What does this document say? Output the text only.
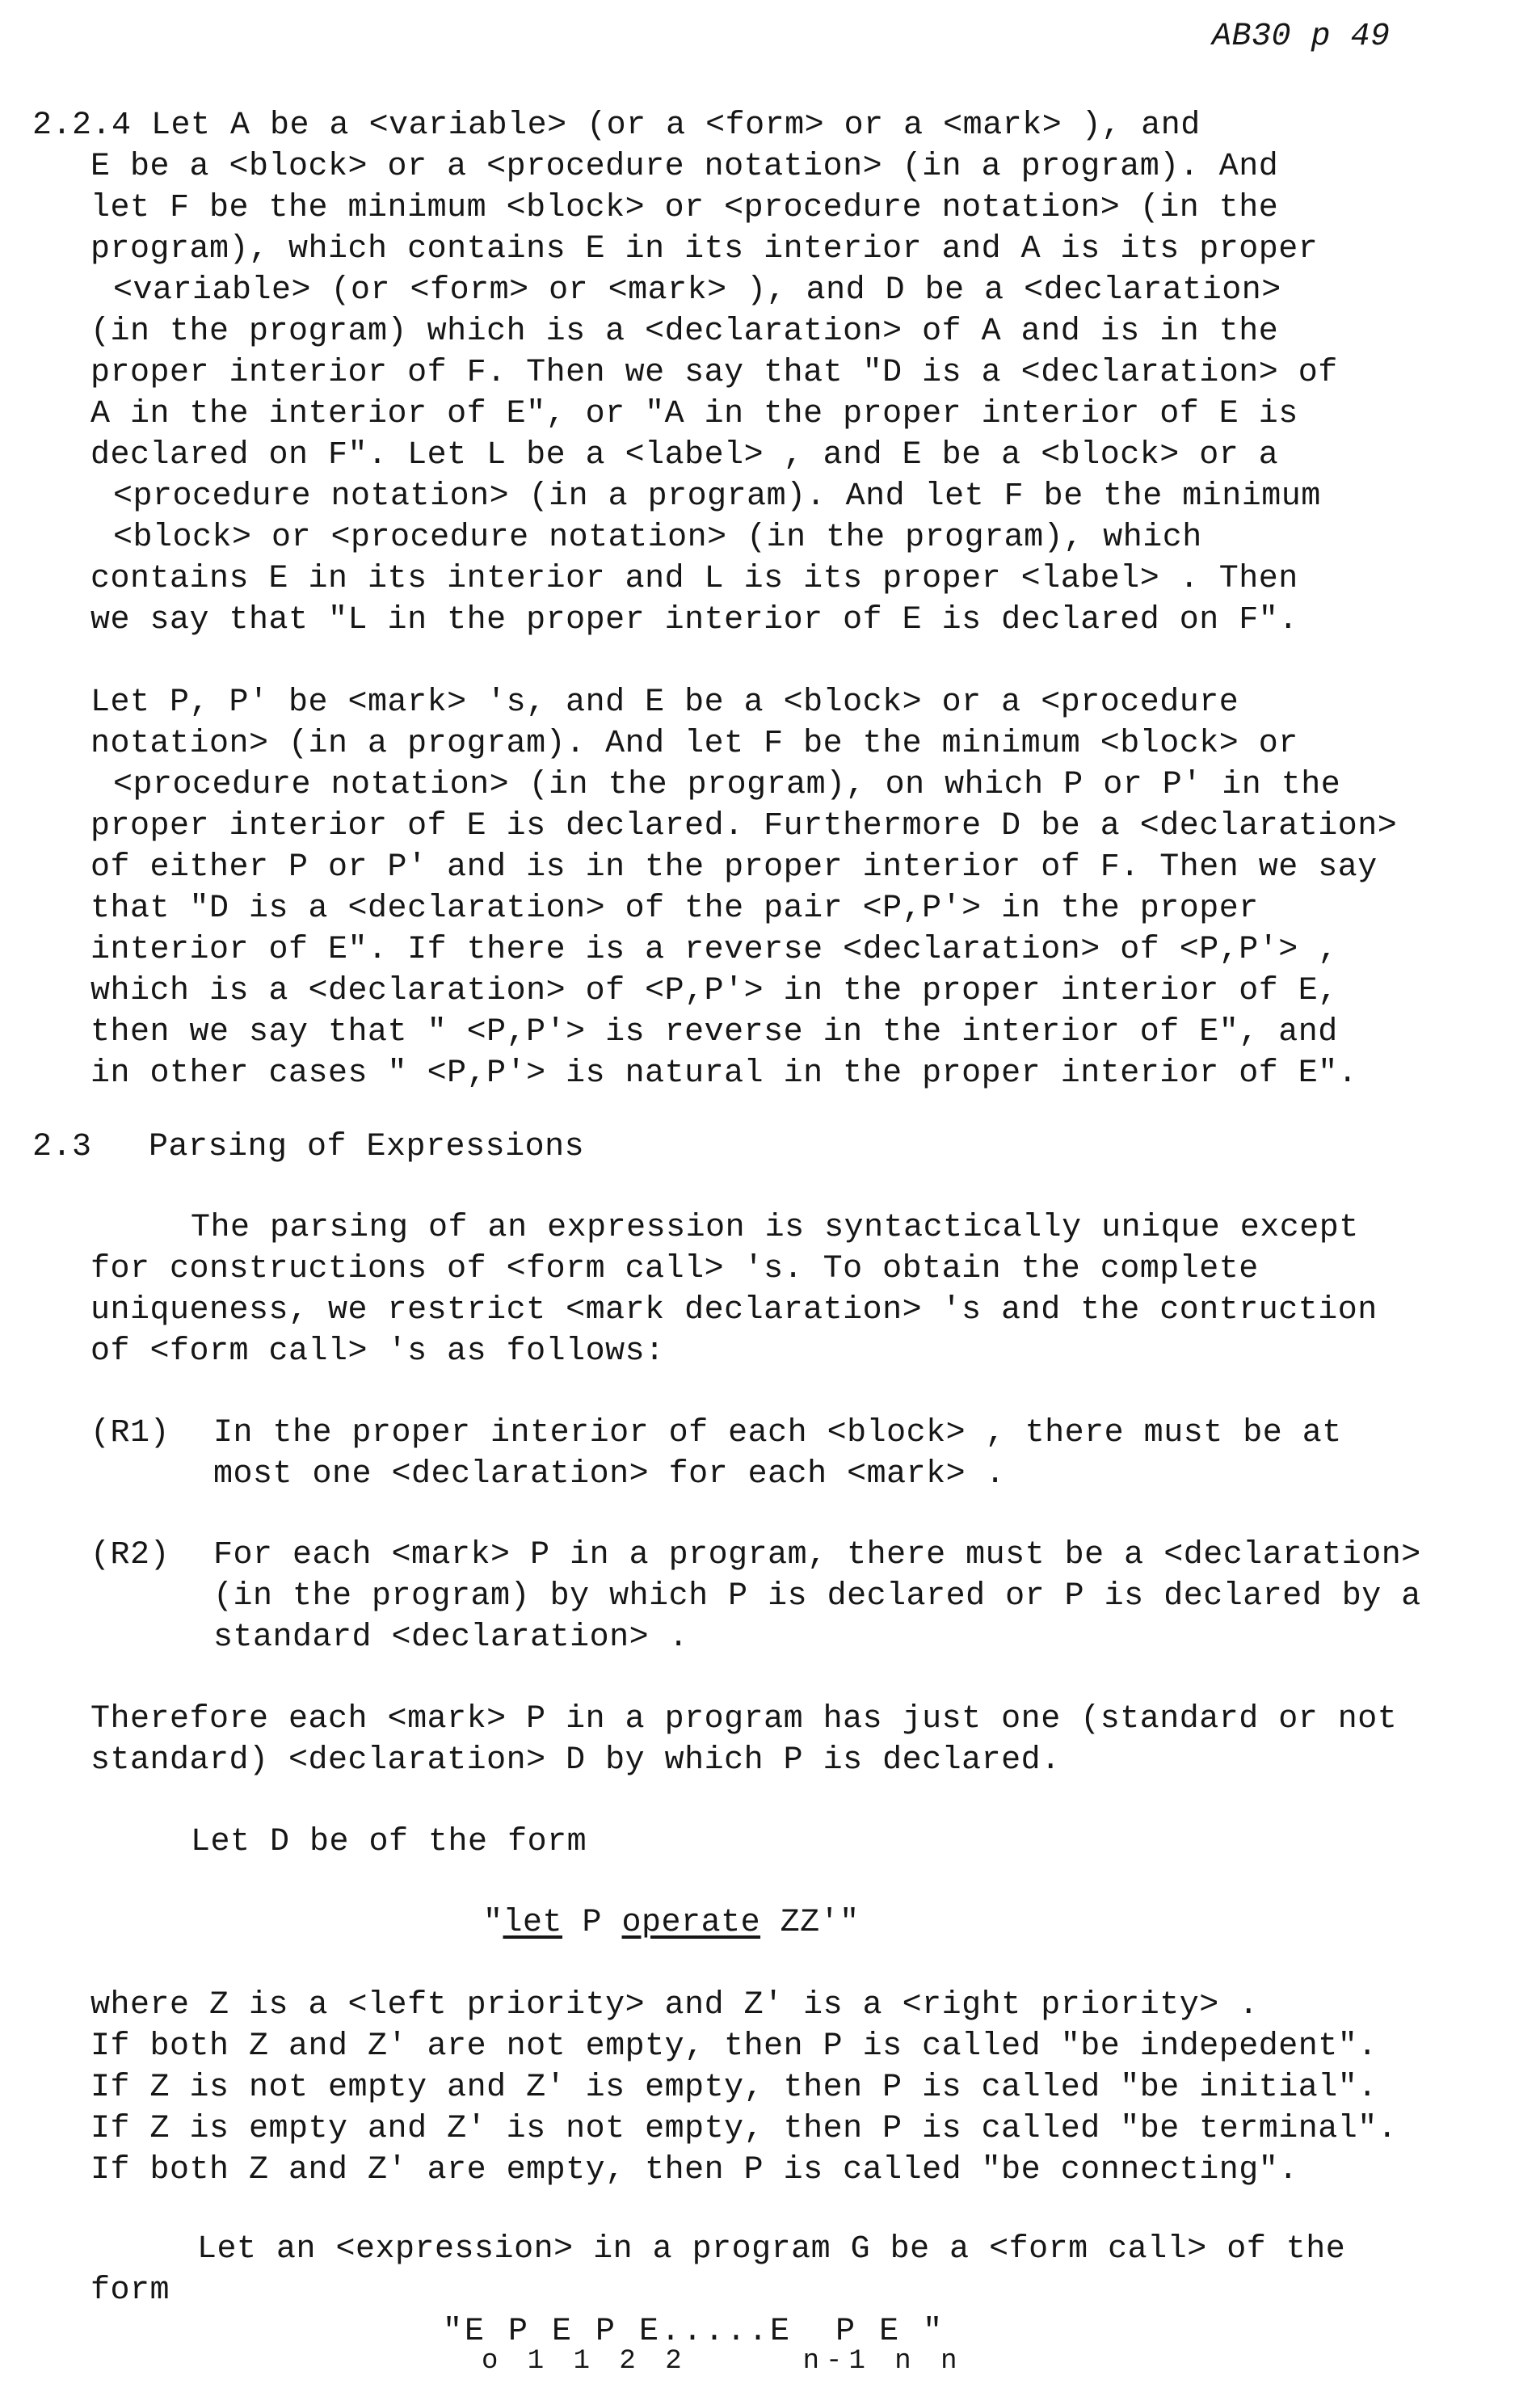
AB30 p 49
2.2.4 Let A be a <variable> (or a <form> or a <mark> ), and
E be a <block> or a <procedure notation> (in a program). And
let F be the minimum <block> or <procedure notation> (in the
program), which contains E in its interior and A is its proper
<variable> (or <form> or <mark> ), and D be a <declaration>
(in the program) which is a <declaration> of A and is in the
proper interior of F. Then we say that "D is a <declaration> of
A in the interior of E", or "A in the proper interior of E is
declared on F". Let L be a <label> , and E be a <block> or a
<procedure notation> (in a program). And let F be the minimum
<block> or <procedure notation> (in the program), which
contains E in its interior and L is its proper <label> . Then
we say that "L in the proper interior of E is declared on F".
Let P, P' be <mark> 's, and E be a <block> or a <procedure
notation> (in a program). And let F be the minimum <block> or
<procedure notation> (in the program), on which P or P' in the
proper interior of E is declared. Furthermore D be a <declaration>
of either P or P' and is in the proper interior of F. Then we say
that "D is a <declaration> of the pair <P,P'> in the proper
interior of E". If there is a reverse <declaration> of <P,P'> ,
which is a <declaration> of <P,P'> in the proper interior of E,
then we say that " <P,P'> is reverse in the interior of E", and
in other cases " <P,P'> is natural in the proper interior of E".
2.3 Parsing of Expressions
The parsing of an expression is syntactically unique except
for constructions of <form call> 's. To obtain the complete
uniqueness, we restrict <mark declaration> 's and the contruction
of <form call> 's as follows:
(R1) In the proper interior of each <block> , there must be at
most one <declaration> for each <mark> .
(R2) For each <mark> P in a program, there must be a <declaration>
(in the program) by which P is declared or P is declared by a
standard <declaration> .
Therefore each <mark> P in a program has just one (standard or not
standard) <declaration> D by which P is declared.
Let D be of the form
"let P operate ZZ'"
where Z is a <left priority> and Z' is a <right priority> .
If both Z and Z' are not empty, then P is called "be indepedent".
If Z is not empty and Z' is empty, then P is called "be initial".
If Z is empty and Z' is not empty, then P is called "be terminal".
If both Z and Z' are empty, then P is called "be connecting".
Let an <expression> in a program G be a <form call> of the
form
"E P E P E.....E  P E "
o 1 1 2 2     n-1 n n
